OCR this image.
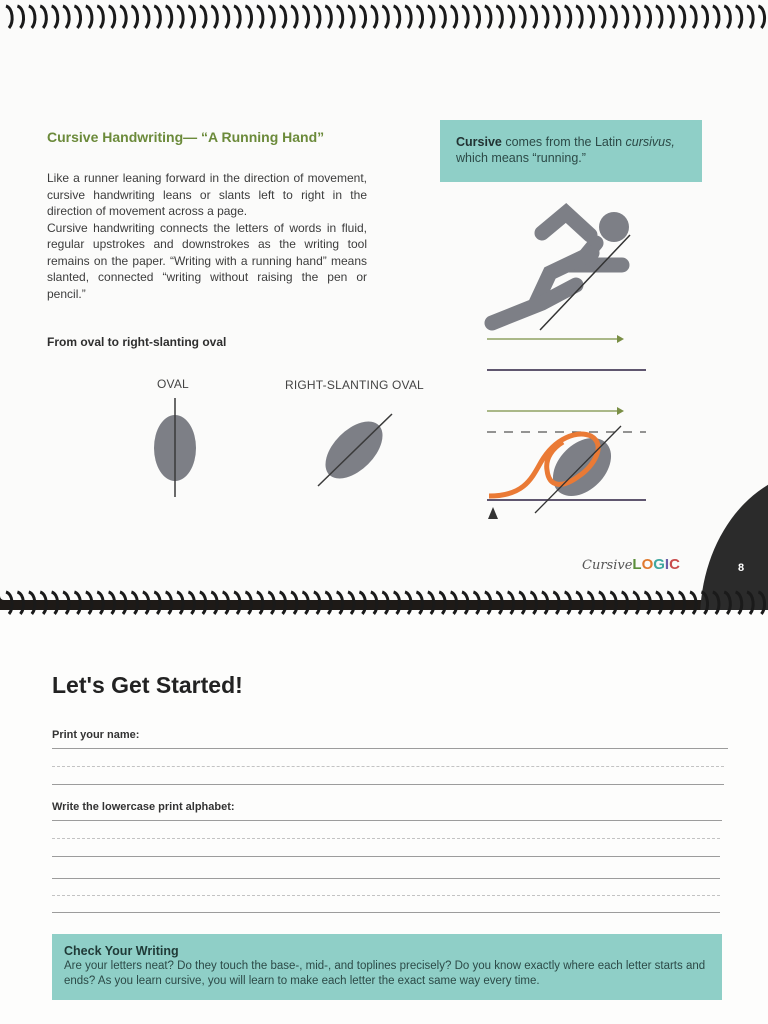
Cursive Handwriting— “A Running Hand”

Like a runner leaning forward in the direction of movement, cursive handwriting leans or slants left to right in the direction of movement across a page.

Cursive handwriting connects the letters of words in fluid, regular upstrokes and downstrokes as the writing tool remains on the paper. “Writing with a running hand” means slanted, connected “writing without raising the pen or pencil.”

From oval to right-slanting oval
OVAL	RIGHT-SLANTING OVAL
Cursive comes from the Latin cursivus,
which means “running.”
CursiveLOGIC	8
Let's Get Started!
Print your name:
Write the lowercase print alphabet:
Check Your Writing
Are your letters neat? Do they touch the base-, mid-, and toplines precisely? Do you know exactly where each letter starts and ends? As you learn cursive, you will learn to make each letter the exact same way every time.
